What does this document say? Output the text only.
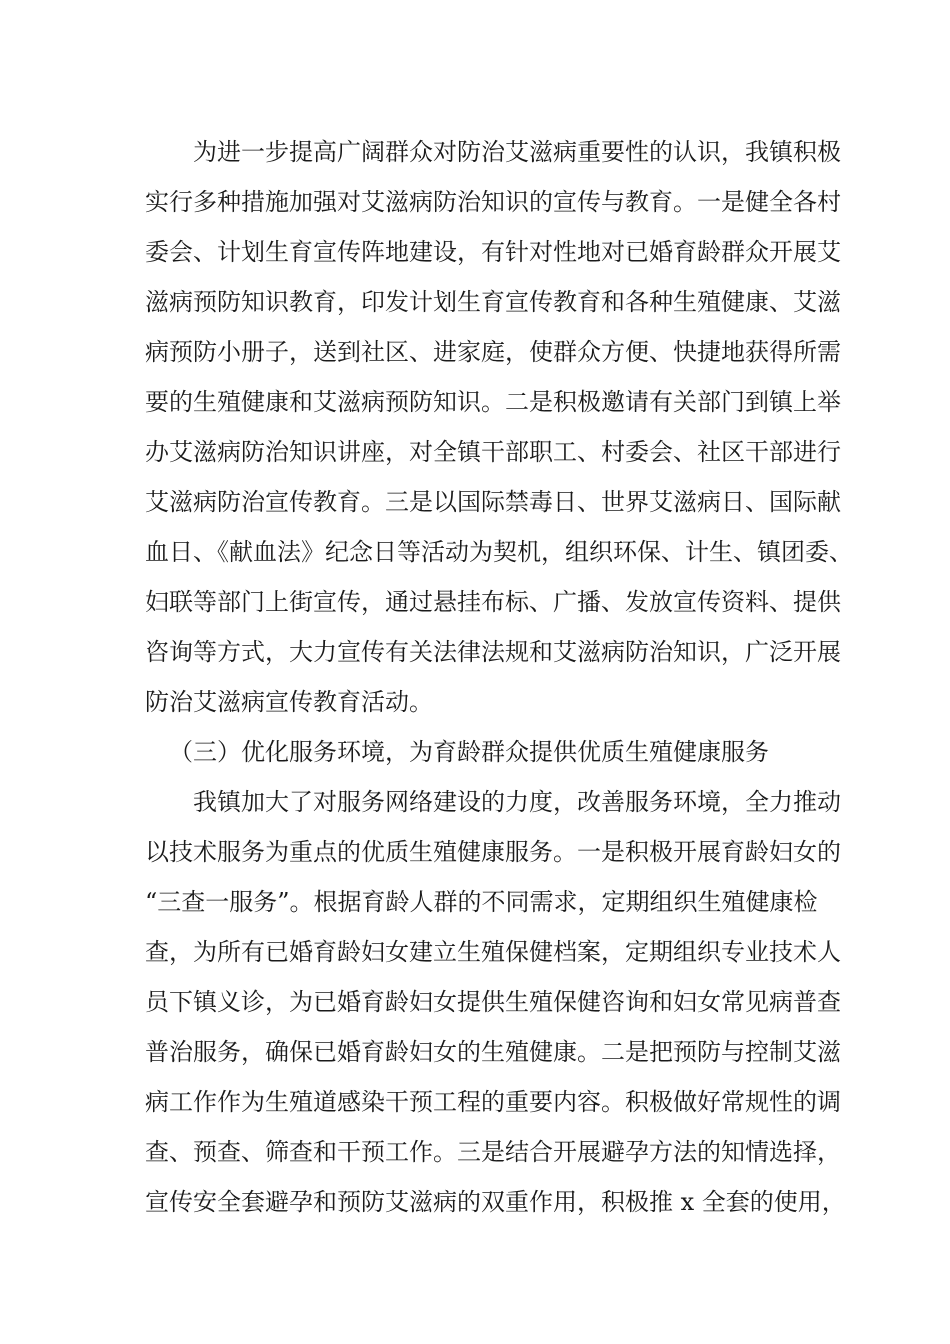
为进一步提高广阔群众对防治艾滋病重要性的认识，我镇积极
实行多种措施加强对艾滋病防治知识的宣传与教育。一是健全各村
委会、计划生育宣传阵地建设，有针对性地对已婚育龄群众开展艾
滋病预防知识教育，印发计划生育宣传教育和各种生殖健康、艾滋
病预防小册子，送到社区、进家庭，使群众方便、快捷地获得所需
要的生殖健康和艾滋病预防知识。二是积极邀请有关部门到镇上举
办艾滋病防治知识讲座，对全镇干部职工、村委会、社区干部进行
艾滋病防治宣传教育。三是以国际禁毒日、世界艾滋病日、国际献
血日、《献血法》纪念日等活动为契机，组织环保、计生、镇团委、
妇联等部门上街宣传，通过悬挂布标、广播、发放宣传资料、提供
咨询等方式，大力宣传有关法律法规和艾滋病防治知识，广泛开展
防治艾滋病宣传教育活动。
（三）优化服务环境，为育龄群众提供优质生殖健康服务
我镇加大了对服务网络建设的力度，改善服务环境，全力推动
以技术服务为重点的优质生殖健康服务。一是积极开展育龄妇女的
“三查一服务”。根据育龄人群的不同需求，定期组织生殖健康检
查，为所有已婚育龄妇女建立生殖保健档案，定期组织专业技术人
员下镇义诊，为已婚育龄妇女提供生殖保健咨询和妇女常见病普查
普治服务，确保已婚育龄妇女的生殖健康。二是把预防与控制艾滋
病工作作为生殖道感染干预工程的重要内容。积极做好常规性的调
查、预查、筛查和干预工作。三是结合开展避孕方法的知情选择，
宣传安全套避孕和预防艾滋病的双重作用，积极推 x 全套的使用，
